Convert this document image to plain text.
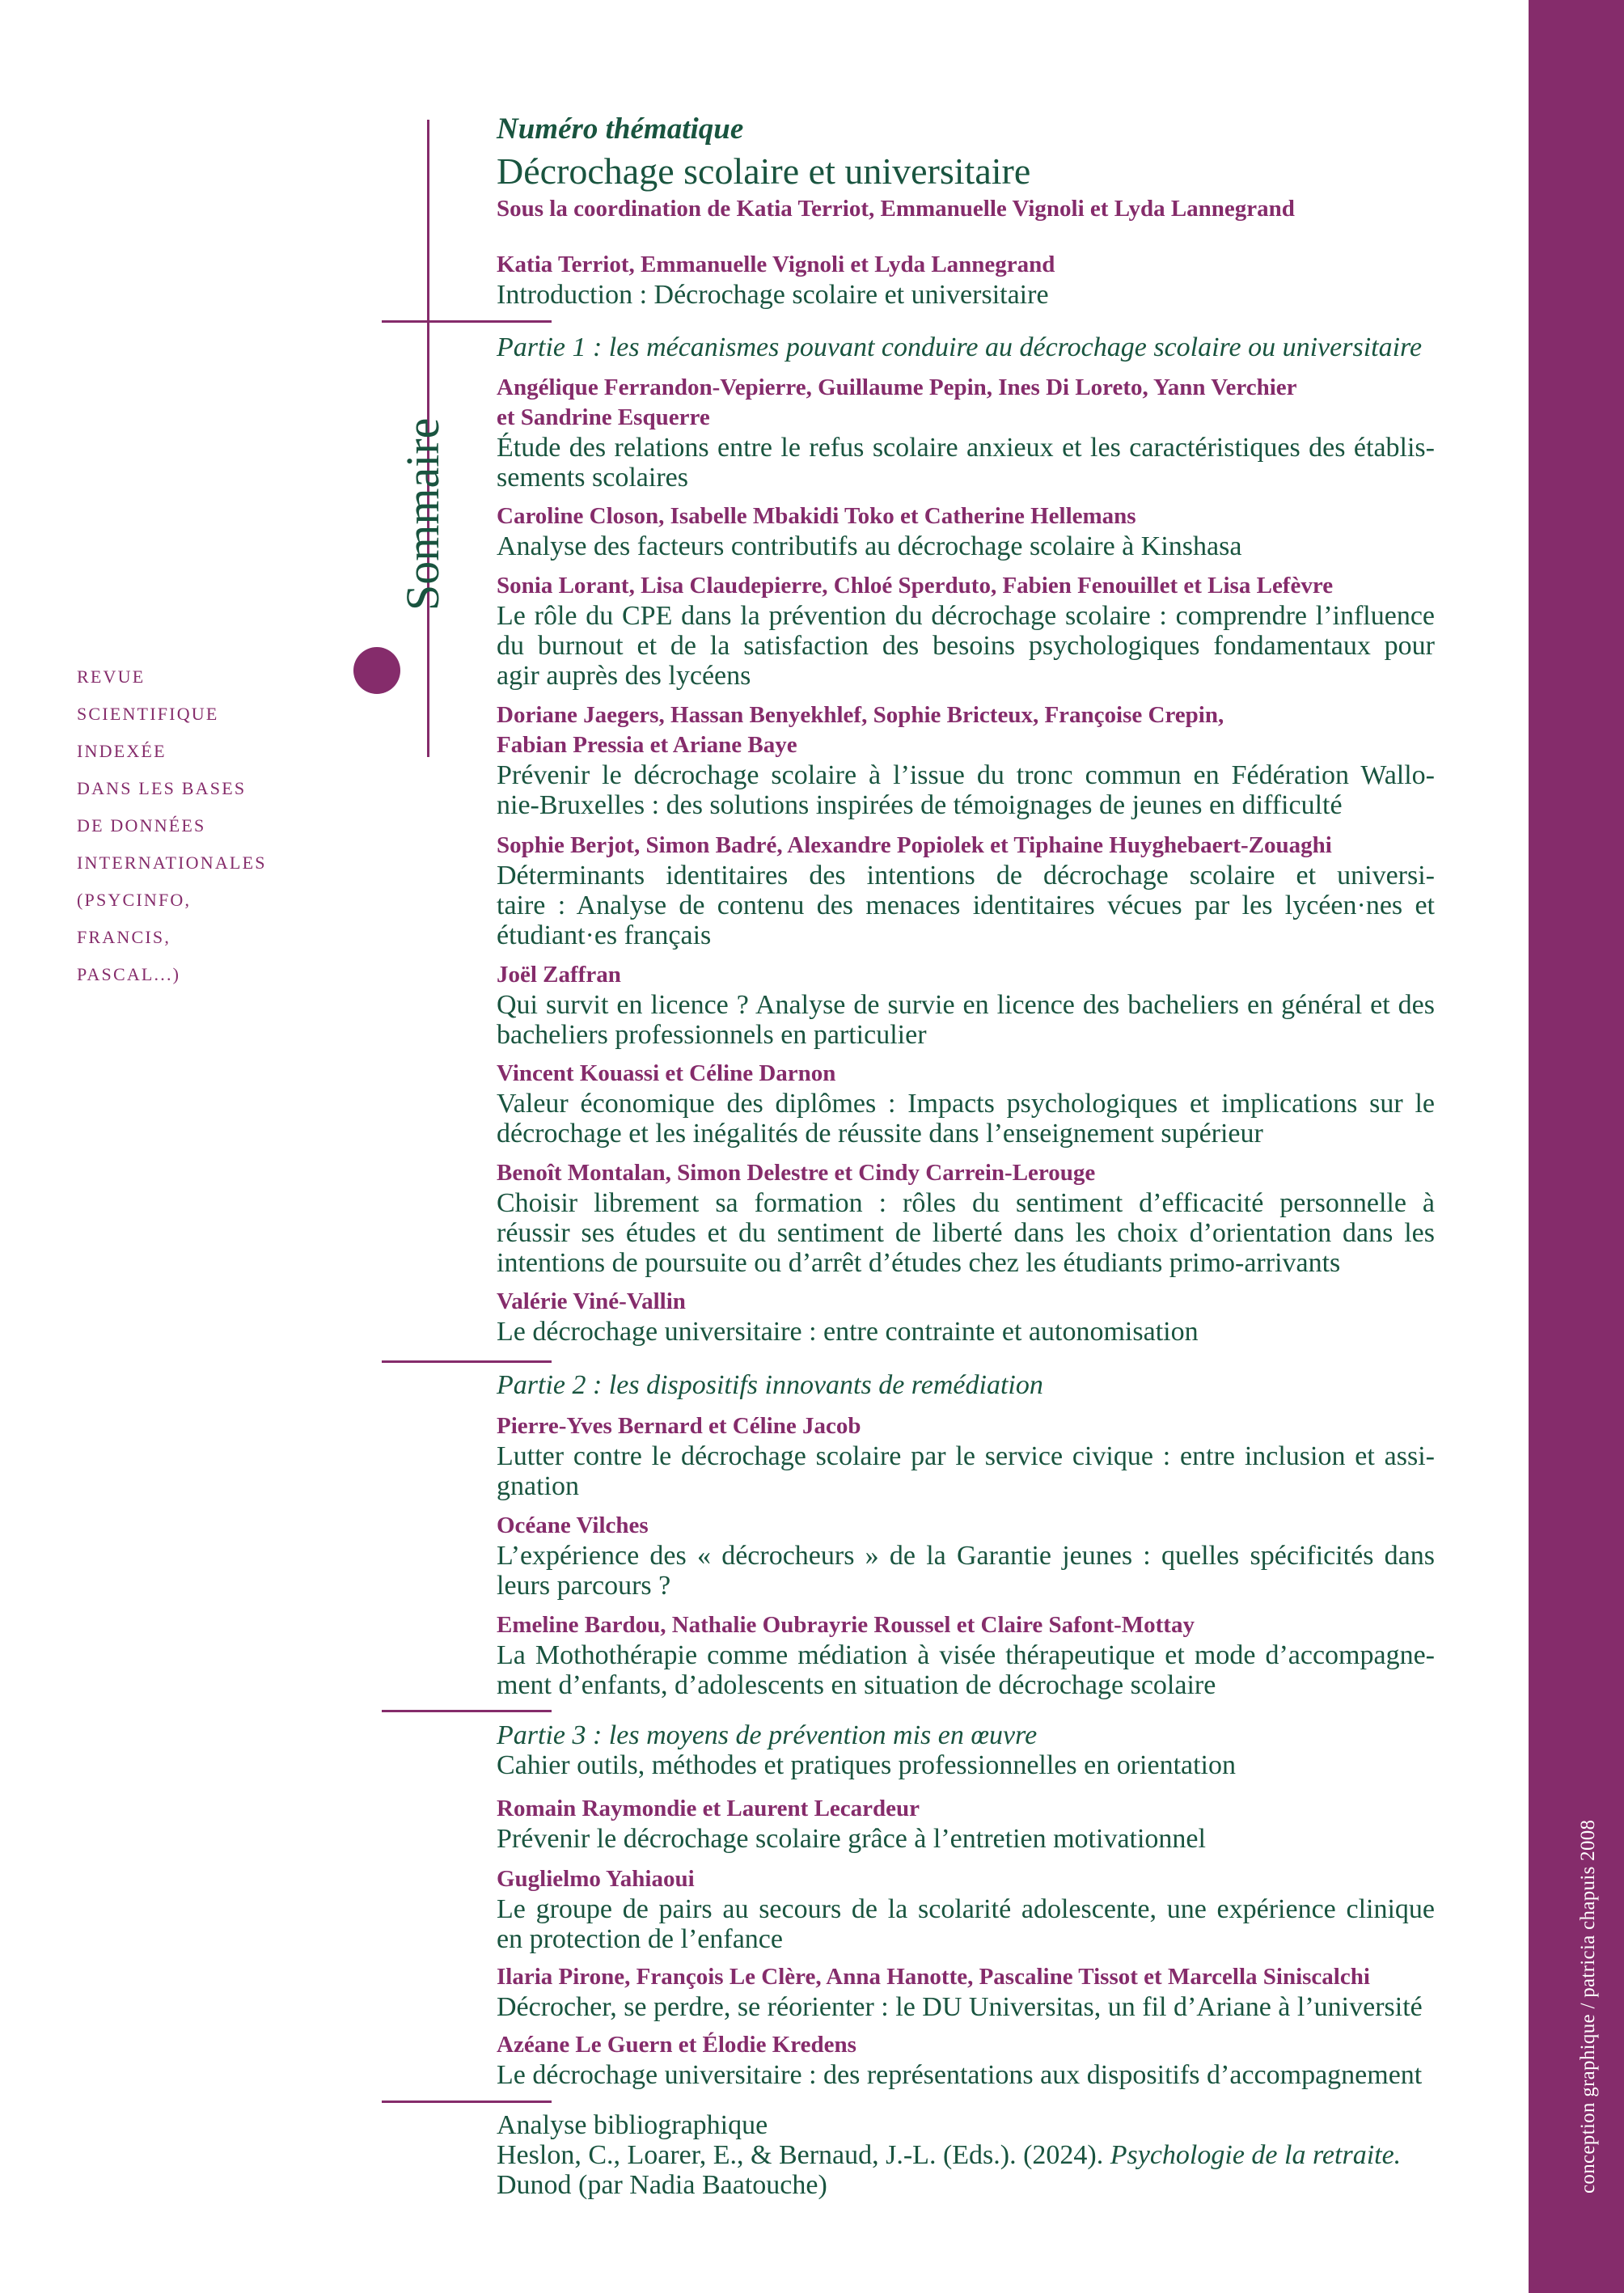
conception graphique / patricia chapuis 2008
Sommaire
REVUE
SCIENTIFIQUE
INDEXÉE
DANS LES BASES
DE DONNÉES
INTERNATIONALES
(PSYCINFO,
FRANCIS,
PASCAL...)
Numéro thématique
Décrochage scolaire et universitaire
Sous la coordination de Katia Terriot, Emmanuelle Vignoli et Lyda Lannegrand
Katia Terriot, Emmanuelle Vignoli et Lyda Lannegrand
Introduction : Décrochage scolaire et universitaire
Partie 1 : les mécanismes pouvant conduire au décrochage scolaire ou universitaire
Angélique Ferrandon-Vepierre, Guillaume Pepin, Ines Di Loreto, Yann Verchier
et Sandrine Esquerre
Étude des relations entre le refus scolaire anxieux et les caractéristiques des établis-
sements scolaires
Caroline Closon, Isabelle Mbakidi Toko et Catherine Hellemans
Analyse des facteurs contributifs au décrochage scolaire à Kinshasa
Sonia Lorant, Lisa Claudepierre, Chloé Sperduto, Fabien Fenouillet et Lisa Lefèvre
Le rôle du CPE dans la prévention du décrochage scolaire : comprendre l’influence
du burnout et de la satisfaction des besoins psychologiques fondamentaux pour
agir auprès des lycéens
Doriane Jaegers, Hassan Benyekhlef, Sophie Bricteux, Françoise Crepin,
Fabian Pressia et Ariane Baye
Prévenir le décrochage scolaire à l’issue du tronc commun en Fédération Wallo-
nie-Bruxelles : des solutions inspirées de témoignages de jeunes en difficulté
Sophie Berjot, Simon Badré, Alexandre Popiolek et Tiphaine Huyghebaert-Zouaghi
Déterminants identitaires des intentions de décrochage scolaire et universi-
taire : Analyse de contenu des menaces identitaires vécues par les lycéen·nes et
étudiant·es français
Joël Zaffran
Qui survit en licence ? Analyse de survie en licence des bacheliers en général et des
bacheliers professionnels en particulier
Vincent Kouassi et Céline Darnon
Valeur économique des diplômes : Impacts psychologiques et implications sur le
décrochage et les inégalités de réussite dans l’enseignement supérieur
Benoît Montalan, Simon Delestre et Cindy Carrein-Lerouge
Choisir librement sa formation : rôles du sentiment d’efficacité personnelle à
réussir ses études et du sentiment de liberté dans les choix d’orientation dans les
intentions de poursuite ou d’arrêt d’études chez les étudiants primo-arrivants
Valérie Viné-Vallin
Le décrochage universitaire : entre contrainte et autonomisation
Partie 2 : les dispositifs innovants de remédiation
Pierre-Yves Bernard et Céline Jacob
Lutter contre le décrochage scolaire par le service civique : entre inclusion et assi-
gnation
Océane Vilches
L’expérience des « décrocheurs » de la Garantie jeunes : quelles spécificités dans
leurs parcours ?
Emeline Bardou, Nathalie Oubrayrie Roussel et Claire Safont-Mottay
La Mothothérapie comme médiation à visée thérapeutique et mode d’accompagne-
ment d’enfants, d’adolescents en situation de décrochage scolaire
Partie 3 : les moyens de prévention mis en œuvre
Cahier outils, méthodes et pratiques professionnelles en orientation
Romain Raymondie et Laurent Lecardeur
Prévenir le décrochage scolaire grâce à l’entretien motivationnel
Guglielmo Yahiaoui
Le groupe de pairs au secours de la scolarité adolescente, une expérience clinique
en protection de l’enfance
Ilaria Pirone, François Le Clère, Anna Hanotte, Pascaline Tissot et Marcella Siniscalchi
Décrocher, se perdre, se réorienter : le DU Universitas, un fil d’Ariane à l’université
Azéane Le Guern et Élodie Kredens
Le décrochage universitaire : des représentations aux dispositifs d’accompagnement
Analyse bibliographique
Heslon, C., Loarer, E., & Bernaud, J.-L. (Eds.). (2024). Psychologie de la retraite.
Dunod (par Nadia Baatouche)
